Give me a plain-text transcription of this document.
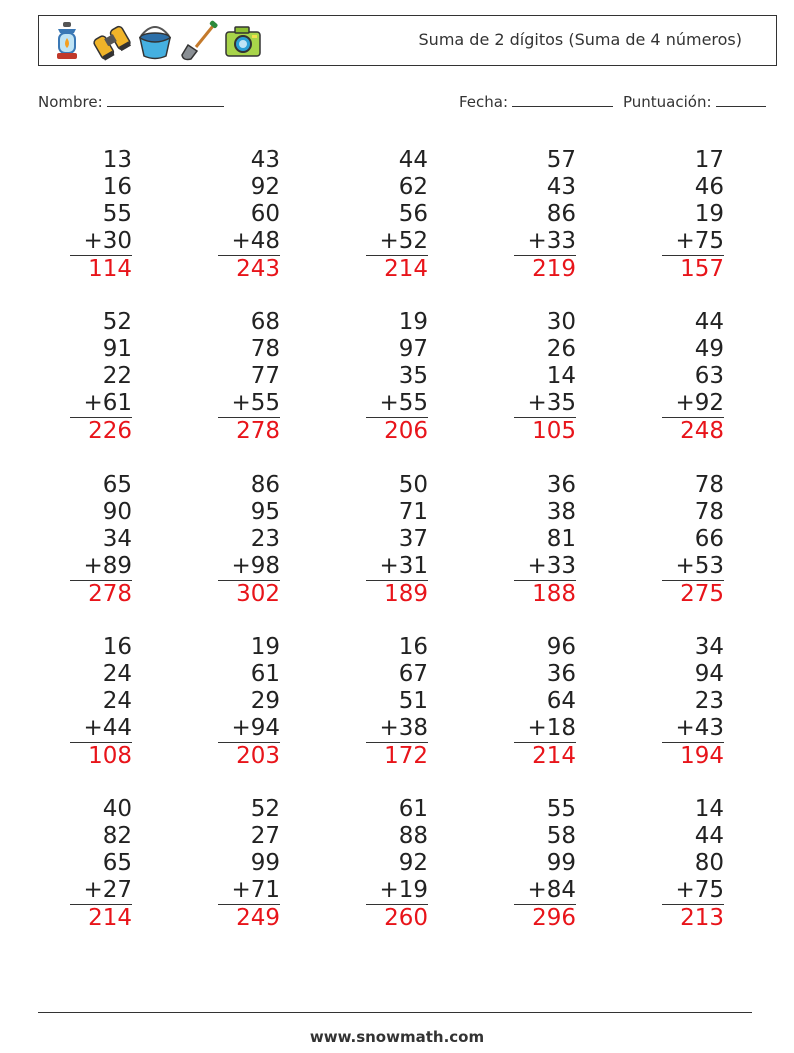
Suma de 2 dígitos (Suma de 4 números)
Nombre:	Fecha:	Puntuación:
13
16
55
+30
114
43
92
60
+48
243
44
62
56
+52
214
57
43
86
+33
219
17
46
19
+75
157
52
91
22
+61
226
68
78
77
+55
278
19
97
35
+55
206
30
26
14
+35
105
44
49
63
+92
248
65
90
34
+89
278
86
95
23
+98
302
50
71
37
+31
189
36
38
81
+33
188
78
78
66
+53
275
16
24
24
+44
108
19
61
29
+94
203
16
67
51
+38
172
96
36
64
+18
214
34
94
23
+43
194
40
82
65
+27
214
52
27
99
+71
249
61
88
92
+19
260
55
58
99
+84
296
14
44
80
+75
213
www.snowmath.com
